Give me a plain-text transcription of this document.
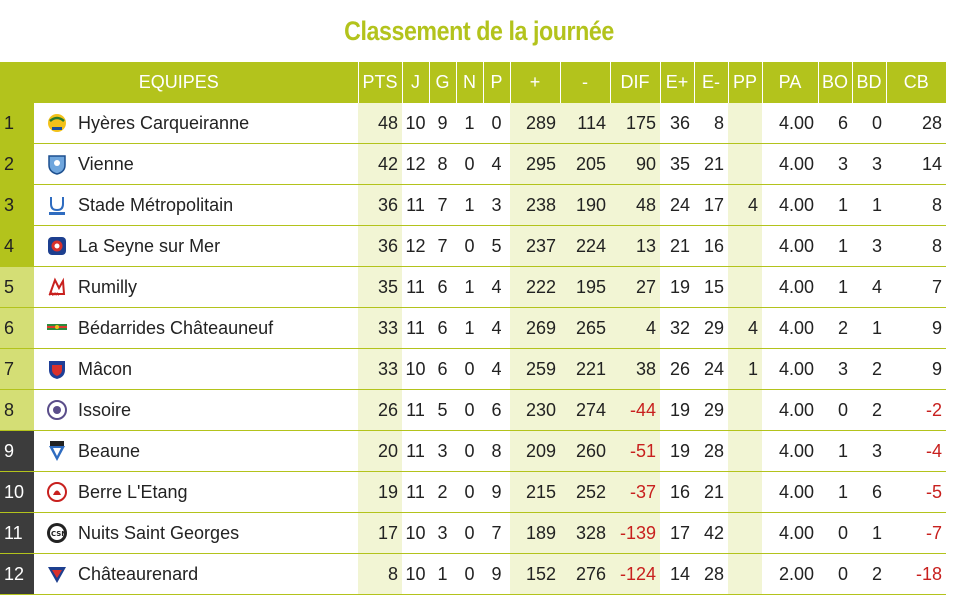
Classement de la journée
EQUIPES		PTS	J	G	N	P	+	-	DIF	E+	E-	PP	PA	BO	BD	CB
1	Hyères Carqueiranne	48	10	9	1	0	289	114	175	36	8		4.00	6	0	28
2	Vienne	42	12	8	0	4	295	205	90	35	21		4.00	3	3	14
3	Stade Métropolitain	36	11	7	1	3	238	190	48	24	17	4	4.00	1	1	8
4	La Seyne sur Mer	36	12	7	0	5	237	224	13	21	16		4.00	1	3	8
5	Rm Rumilly	35	11	6	1	4	222	195	27	19	15		4.00	1	4	7
6	Bédarrides Châteauneuf	33	11	6	1	4	269	265	4	32	29	4	4.00	2	1	9
7	Mâcon	33	10	6	0	4	259	221	38	26	24	1	4.00	3	2	9
8	Issoire	26	11	5	0	6	230	274	-44	19	29		4.00	0	2	-2
9	Beaune	20	11	3	0	8	209	260	-51	19	28		4.00	1	3	-4
10	Berre L'Etang	19	11	2	0	9	215	252	-37	16	21		4.00	1	6	-5
11	CSN Nuits Saint Georges	17	10	3	0	7	189	328	-139	17	42		4.00	0	1	-7
12	Châteaurenard	8	10	1	0	9	152	276	-124	14	28		2.00	0	2	-18
